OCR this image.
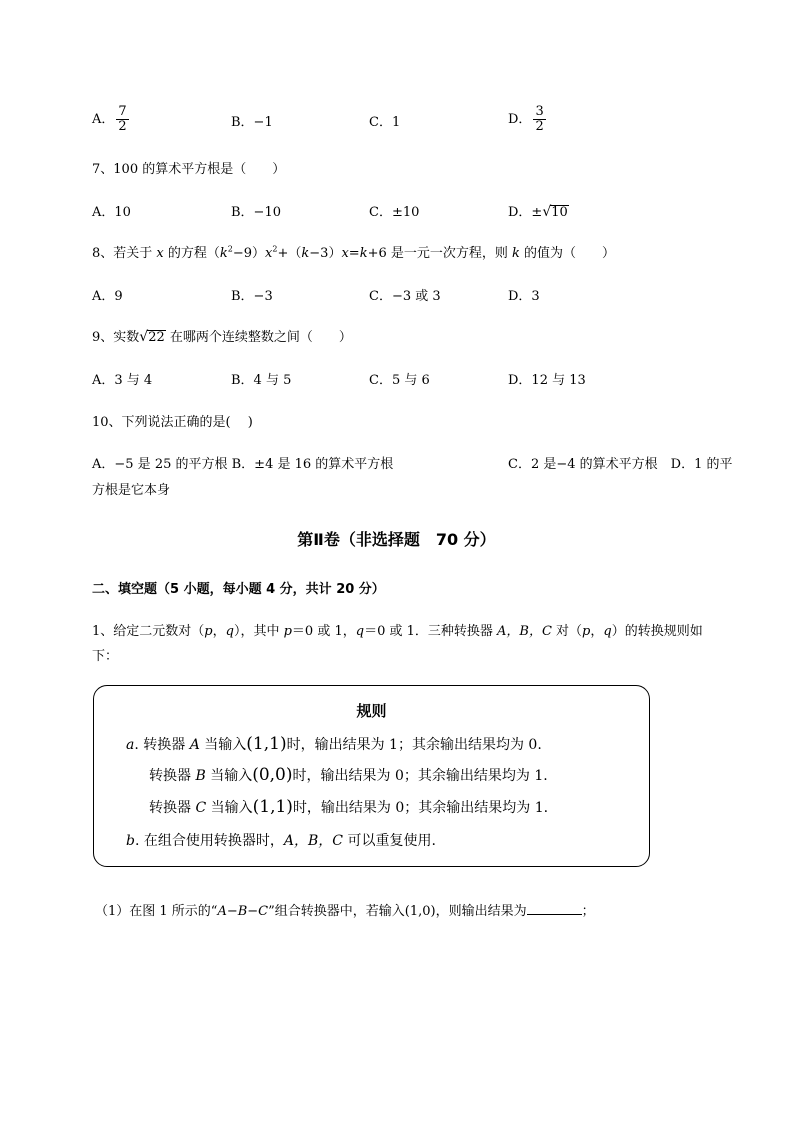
A． $\frac{7}{2}$	B．−1	C．1	D． $\frac{3}{2}$
7、100 的算术平方根是（　　）
A．10	B．−10	C．±10	D．±√10
8、若关于 x 的方程$(k^2-9)x^2+(k-3)x=k+6$ 是一元一次方程，则 k 的值为（　　）
A．9	B．−3	C．−3 或 3	D．3
9、实数√22 在哪两个连续整数之间（　　）
A．3 与 4	B．4 与 5	C．5 与 6	D．12 与 13
10、下列说法正确的是(　 )
A．−5 是 25 的平方根 B．±4 是 16 的算术平方根	C．2 是−4 的算术平方根　D．1 的平
方根是它本身
第Ⅱ卷（非选择题　70 分）
二、填空题（5 小题，每小题 4 分，共计 20 分）
1、给定二元数对（p，q），其中 p＝0 或 1，q＝0 或 1．三种转换器 A，B，C 对（p，q）的转换规则如
下：
规则
a. 转换器 A 当输入(1,1)时，输出结果为 1；其余输出结果均为 0.
转换器 B 当输入(0,0)时，输出结果为 0；其余输出结果均为 1.
转换器 C 当输入(1,1)时，输出结果为 0；其余输出结果均为 1.
b. 在组合使用转换器时，A，B，C 可以重复使用.
（1）在图 1 所示的“A−B−C”组合转换器中，若输入(1,0)，则输出结果为	；
